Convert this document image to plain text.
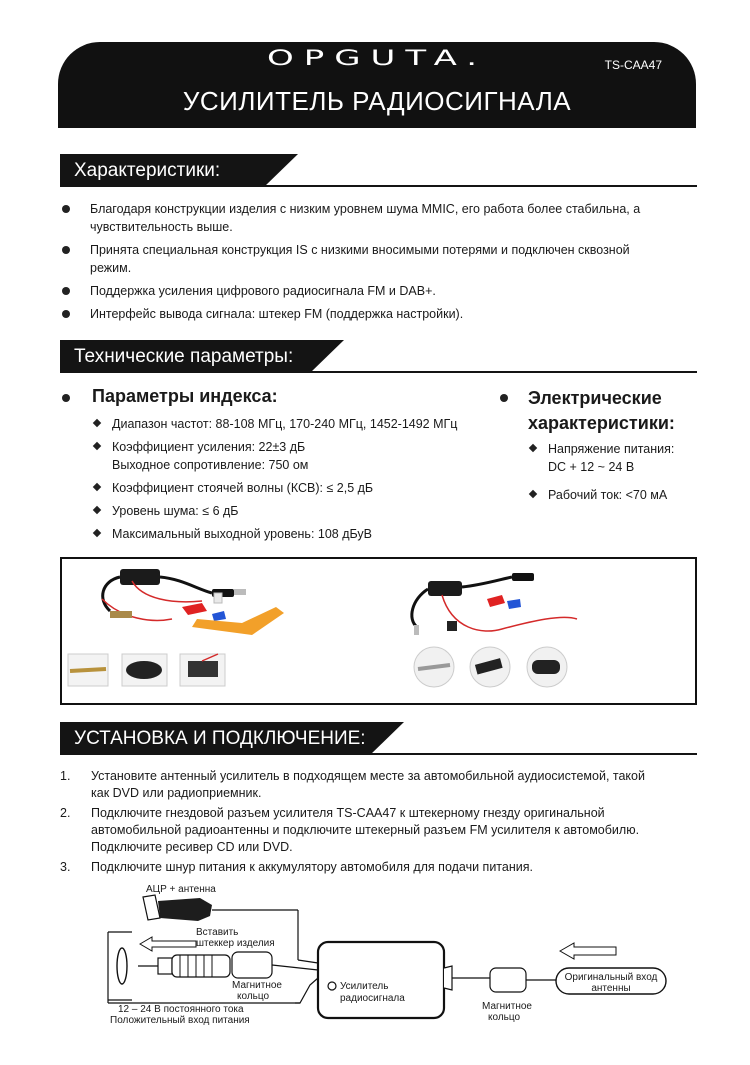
OPGUTA.	TS-CAA47
УСИЛИТЕЛЬ РАДИОСИГНАЛА
Характеристики:
Благодаря конструкции изделия с низким уровнем шума MMIC, его работа более стабильна, а чувствительность выше.
Принята специальная конструкция IS с низкими вносимыми потерями и подключен сквозной режим.
Поддержка усиления цифрового радиосигнала FM и DAB+.
Интерфейс вывода сигнала: штекер FM (поддержка настройки).
Технические параметры:
Параметры индекса:
Диапазон частот: 88-108 МГц, 170-240 МГц, 1452-1492 МГц
Коэффициент усиления: 22±3 дБ
Выходное сопротивление: 750 ом
Коэффициент стоячей волны (КСВ): ≤ 2,5 дБ
Уровень шума: ≤ 6 дБ
Максимальный выходной уровень: 108 дБуВ
Электрические
характеристики:
Напряжение питания:
DC + 12 ~ 24 В
Рабочий ток: <70 мА
УСТАНОВКА И ПОДКЛЮЧЕНИЕ:
1. Установите антенный усилитель в подходящем месте за автомобильной аудиосистемой, такой как DVD или радиоприемник.
2. Подключите гнездовой разъем усилителя TS-CAA47 к штекерному гнезду оригинальной автомобильной радиоантенны и подключите штекерный разъем FM усилителя к автомобилю. Подключите ресивер CD или DVD.
3. Подключите шнур питания к аккумулятору автомобиля для подачи питания.
АЦР + антенна
Вставить
штеккер изделия
Магнитное
кольцо
12 – 24 В постоянного тока
Положительный вход питания
Усилитель
радиосигнала
Магнитное
кольцо
Оригинальный вход
антенны
